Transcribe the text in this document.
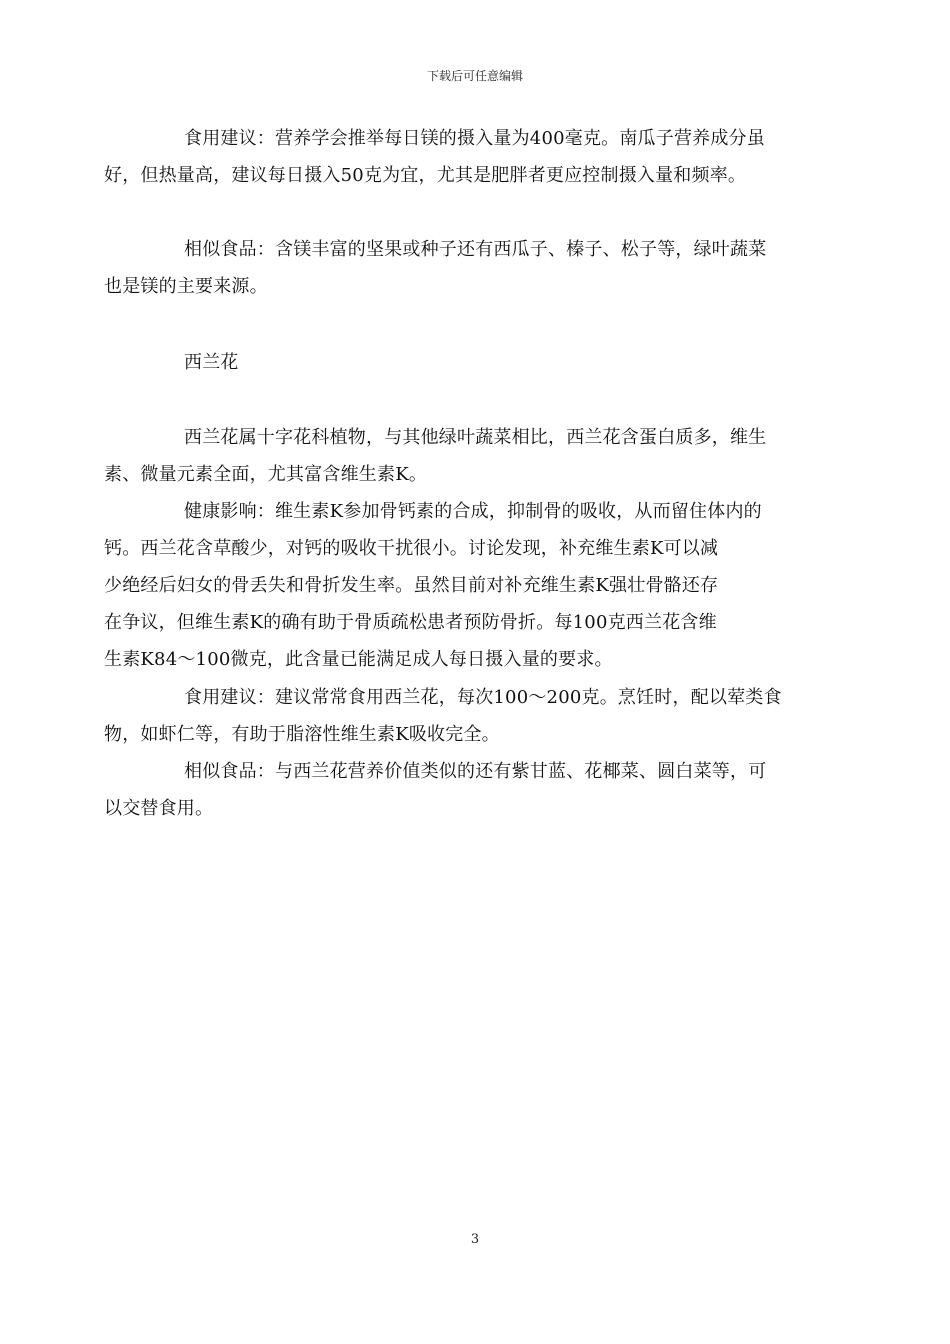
下载后可任意编辑
食用建议：营养学会推举每日镁的摄入量为400毫克。南瓜子营养成分虽
好，但热量高，建议每日摄入50克为宜，尤其是肥胖者更应控制摄入量和频率。
相似食品：含镁丰富的坚果或种子还有西瓜子、榛子、松子等，绿叶蔬菜
也是镁的主要来源。
西兰花
西兰花属十字花科植物，与其他绿叶蔬菜相比，西兰花含蛋白质多，维生
素、微量元素全面，尤其富含维生素K。
健康影响：维生素K参加骨钙素的合成，抑制骨的吸收，从而留住体内的
钙。西兰花含草酸少，对钙的吸收干扰很小。讨论发现，补充维生素K可以减
少绝经后妇女的骨丢失和骨折发生率。虽然目前对补充维生素K强壮骨骼还存
在争议，但维生素K的确有助于骨质疏松患者预防骨折。每100克西兰花含维
生素K84～100微克，此含量已能满足成人每日摄入量的要求。
食用建议：建议常常食用西兰花，每次100～200克。烹饪时，配以荤类食
物，如虾仁等，有助于脂溶性维生素K吸收完全。
相似食品：与西兰花营养价值类似的还有紫甘蓝、花椰菜、圆白菜等，可
以交替食用。
3
